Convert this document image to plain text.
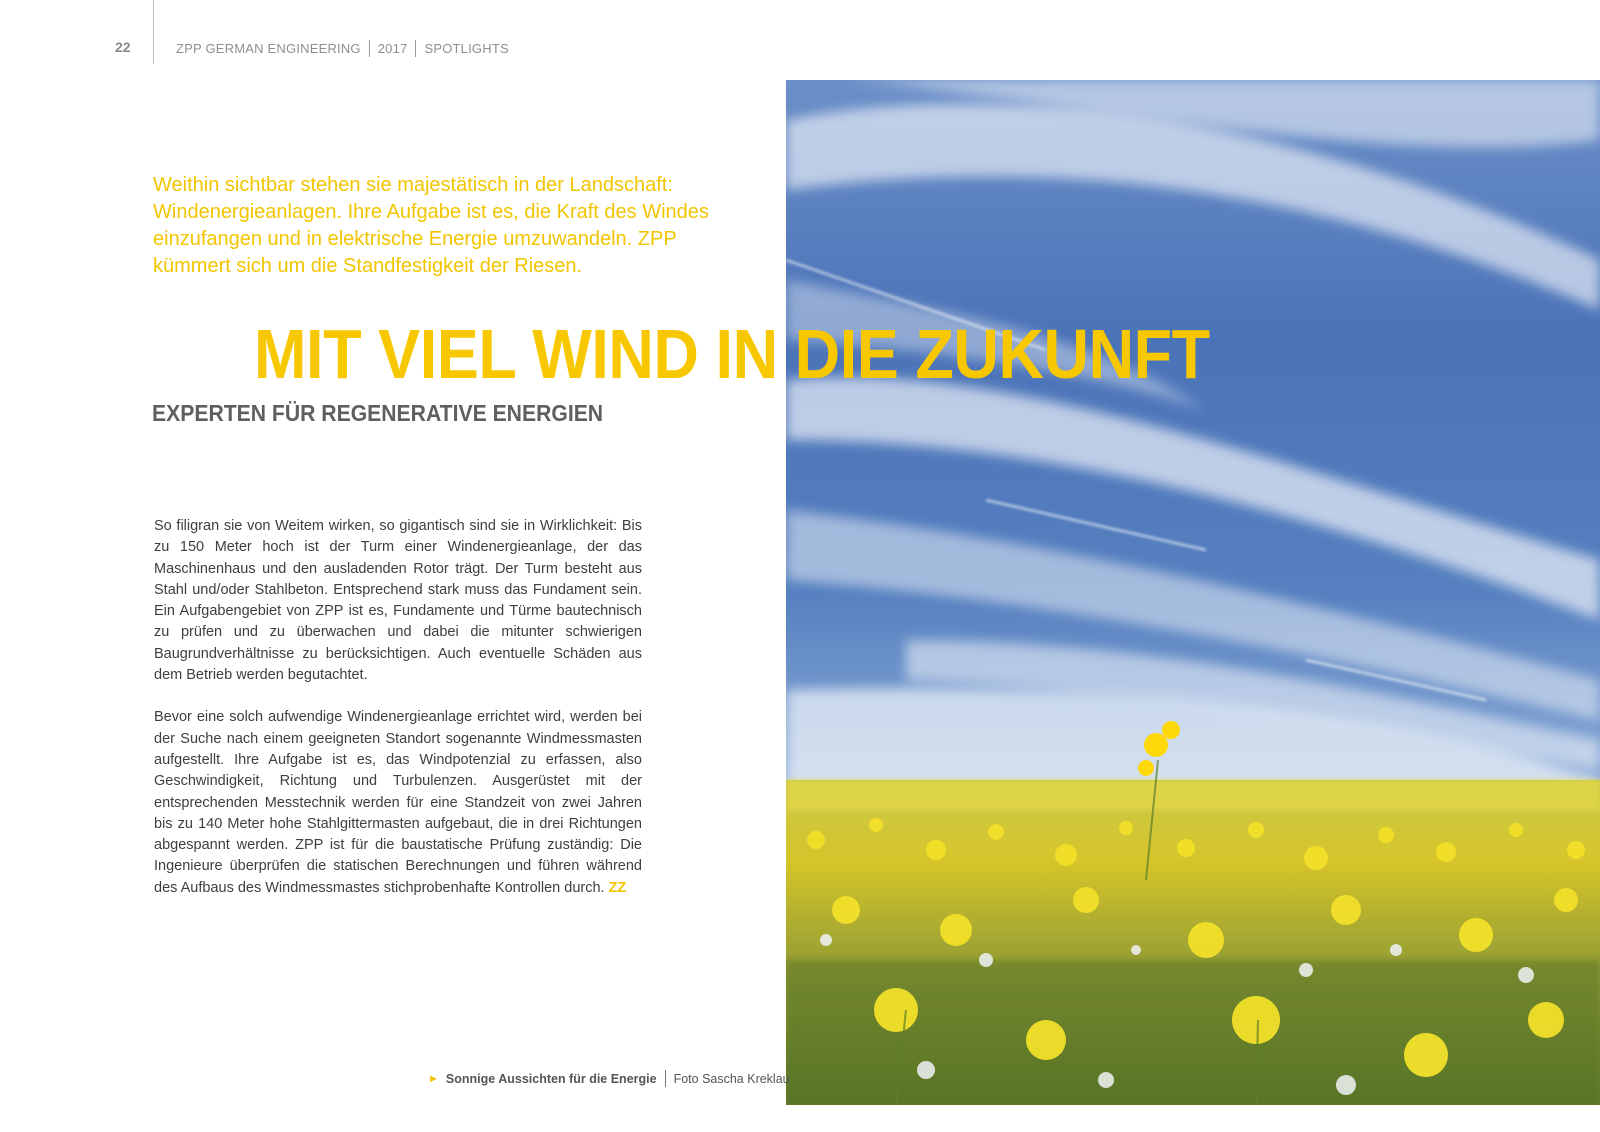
22	ZPP GERMAN ENGINEERING 2017 SPOTLIGHTS
Weithin sichtbar stehen sie majestätisch in der Landschaft: Windenergieanlagen. Ihre Aufgabe ist es, die Kraft des Windes einzufangen und in elektrische Energie umzuwandeln. ZPP kümmert sich um die Standfestigkeit der Riesen.
MIT VIEL WIND IN DIE ZUKUNFT
EXPERTEN FÜR REGENERATIVE ENERGIEN

So filigran sie von Weitem wirken, so gigantisch sind sie in Wirklichkeit: Bis zu 150 Meter hoch ist der Turm einer Windenergieanlage, der das Maschinenhaus und den ausladenden Rotor trägt. Der Turm besteht aus Stahl und/oder Stahlbeton. Entsprechend stark muss das Fundament sein. Ein Aufgabengebiet von ZPP ist es, Fundamente und Türme bautechnisch zu prüfen und zu überwachen und dabei die mitunter schwierigen Baugrundverhältnisse zu berücksichtigen. Auch eventuelle Schäden aus dem Betrieb werden begutachtet.

Bevor eine solch aufwendige Windenergieanlage errichtet wird, werden bei der Suche nach einem geeigneten Standort sogenannte Windmessmasten aufgestellt. Ihre Aufgabe ist es, das Windpotenzial zu erfassen, also Geschwindigkeit, Richtung und Turbulenzen. Ausgerüstet mit der entsprechenden Messtechnik werden für eine Standzeit von zwei Jahren bis zu 140 Meter hohe Stahlgittermasten aufgebaut, die in drei Richtungen abgespannt werden. ZPP ist für die baustatische Prüfung zuständig: Die Ingenieure überprüfen die statischen Berechnungen und führen während des Aufbaus des Windmessmastes stichprobenhafte Kontrollen durch. ZZ

► Sonnige Aussichten für die Energie Foto Sascha Kreklau
